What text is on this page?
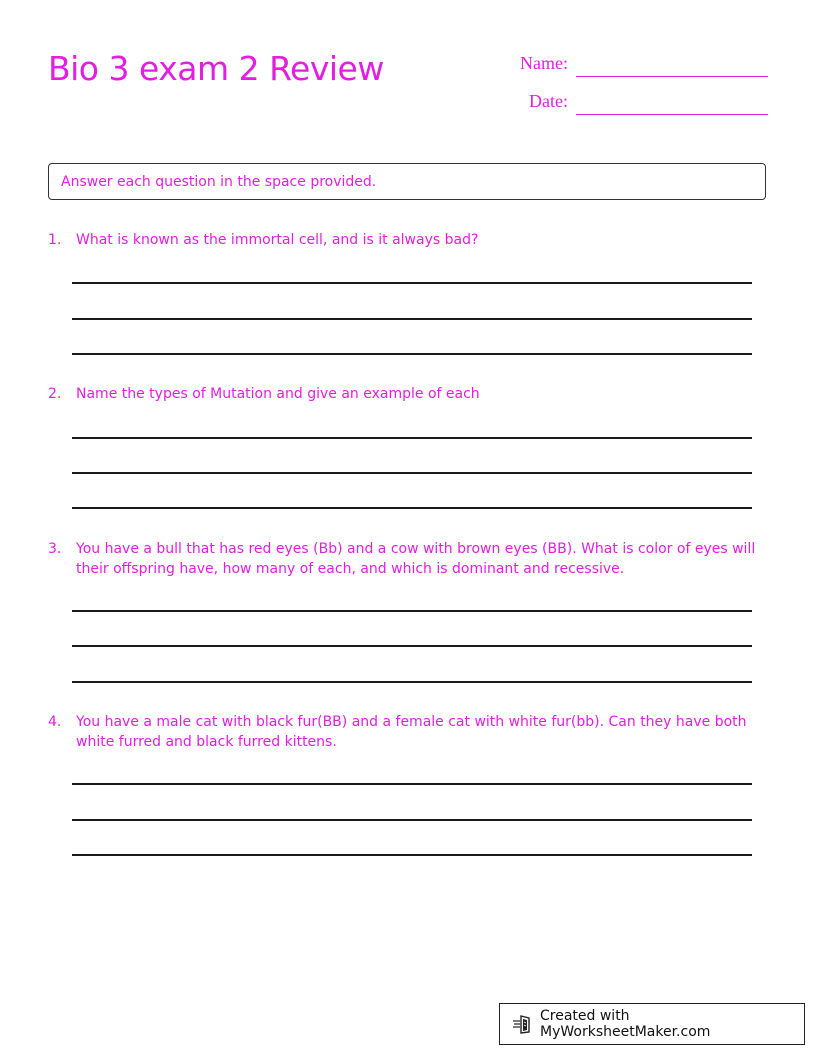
Bio 3 exam 2 Review	Name:
Date:
Answer each question in the space provided.
1. What is known as the immortal cell, and is it always bad?
2. Name the types of Mutation and give an example of each
3. You have a bull that has red eyes (Bb) and a cow with brown eyes (BB). What is color of eyes will their offspring have, how many of each, and which is dominant and recessive.
4. You have a male cat with black fur(BB) and a female cat with white fur(bb). Can they have both white furred and black furred kittens.
Created with MyWorksheetMaker.com
